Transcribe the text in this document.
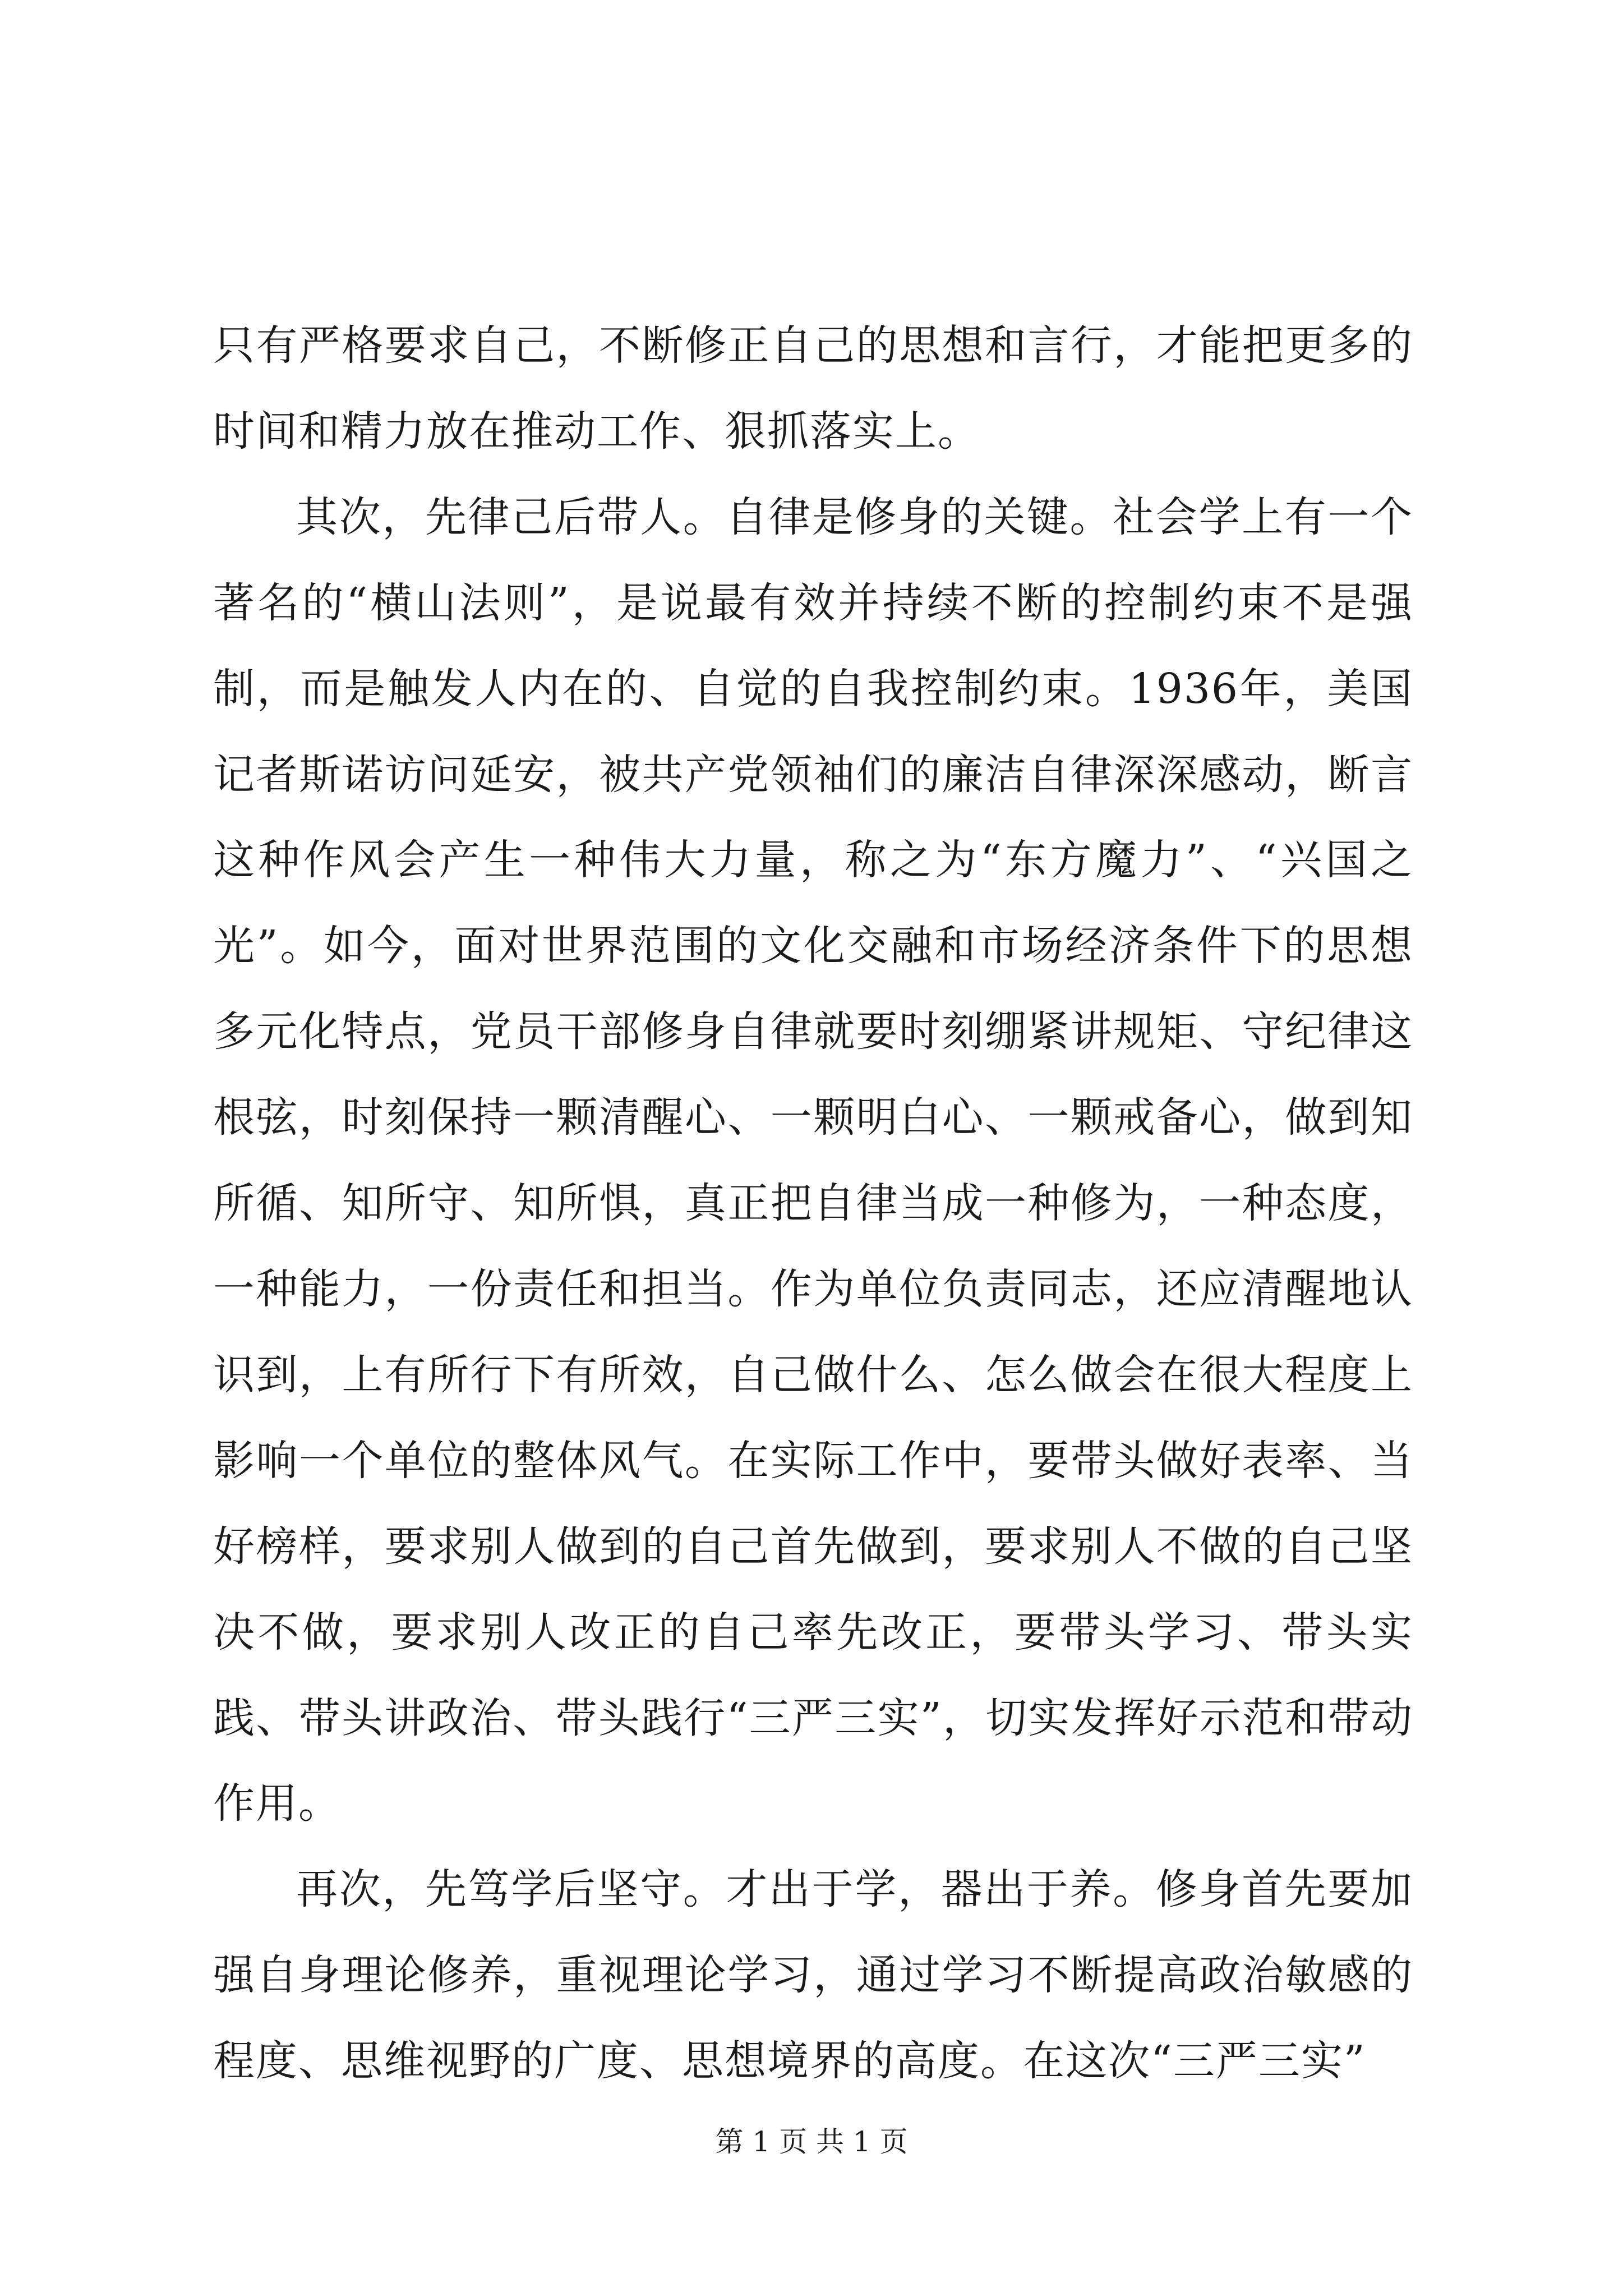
只有严格要求自己，不断修正自己的思想和言行，才能把更多的时间和精力放在推动工作、狠抓落实上。

其次，先律己后带人。自律是修身的关键。社会学上有一个著名的“横山法则”，是说最有效并持续不断的控制约束不是强制，而是触发人内在的、自觉的自我控制约束。1936年，美国记者斯诺访问延安，被共产党领袖们的廉洁自律深深感动，断言这种作风会产生一种伟大力量，称之为“东方魔力”、“兴国之光”。如今，面对世界范围的文化交融和市场经济条件下的思想多元化特点，党员干部修身自律就要时刻绷紧讲规矩、守纪律这根弦，时刻保持一颗清醒心、一颗明白心、一颗戒备心，做到知所循、知所守、知所惧，真正把自律当成一种修为，一种态度，一种能力，一份责任和担当。作为单位负责同志，还应清醒地认识到，上有所行下有所效，自己做什么、怎么做会在很大程度上影响一个单位的整体风气。在实际工作中，要带头做好表率、当好榜样，要求别人做到的自己首先做到，要求别人不做的自己坚决不做，要求别人改正的自己率先改正，要带头学习、带头实践、带头讲政治、带头践行“三严三实”，切实发挥好示范和带动作用。

再次，先笃学后坚守。才出于学，器出于养。修身首先要加强自身理论修养，重视理论学习，通过学习不断提高政治敏感的程度、思维视野的广度、思想境界的高度。在这次“三严三实”

第 1 页 共 1 页
